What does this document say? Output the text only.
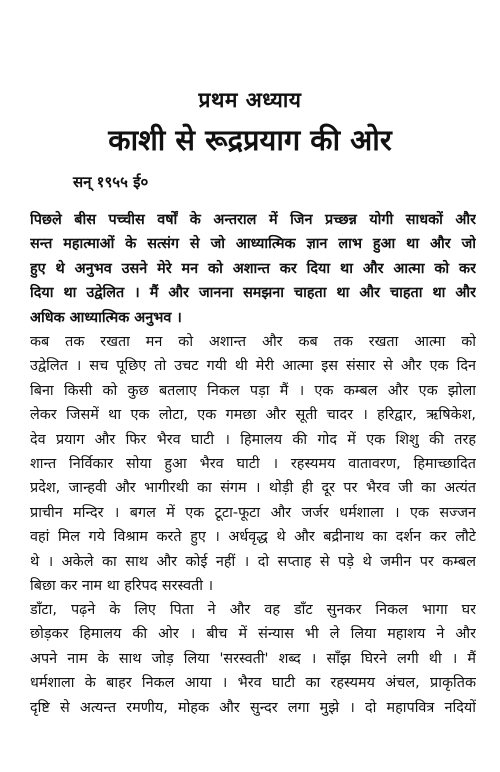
प्रथम अध्याय
काशी से रूद्रप्रयाग की ओर
सन् १९५५ ई०
पिछले बीस पच्चीस वर्षों के अन्तराल में जिन प्रच्छन्न योगी साधकों और
सन्त महात्माओं के सत्संग से जो आध्यात्मिक ज्ञान लाभ हुआ था और जो
हुए थे अनुभव उसने मेरे मन को अशान्त कर दिया था और आत्मा को कर
दिया था उद्वेलित । मैं और जानना समझना चाहता था और चाहता था और
अधिक आध्यात्मिक अनुभव ।
कब तक रखता मन को अशान्त और कब तक रखता आत्मा को
उद्वेलित । सच पूछिए तो उचट गयी थी मेरी आत्मा इस संसार से और एक दिन
बिना किसी को कुछ बतलाए निकल पड़ा मैं । एक कम्बल और एक झोला
लेकर जिसमें था एक लोटा, एक गमछा और सूती चादर । हरिद्वार, ऋषिकेश,
देव प्रयाग और फिर भैरव घाटी । हिमालय की गोद में एक शिशु की तरह
शान्त निर्विकार सोया हुआ भैरव घाटी । रहस्यमय वातावरण, हिमाच्छादित
प्रदेश, जान्हवी और भागीरथी का संगम । थोड़ी ही दूर पर भैरव जी का अत्यंत
प्राचीन मन्दिर । बगल में एक टूटा-फूटा और जर्जर धर्मशाला । एक सज्जन
वहां मिल गये विश्राम करते हुए । अर्धवृद्ध थे और बद्रीनाथ का दर्शन कर लौटे
थे । अकेले का साथ और कोई नहीं । दो सप्ताह से पड़े थे जमीन पर कम्बल
बिछा कर नाम था हरिपद सरस्वती ।
डाँटा, पढ़ने के लिए पिता ने और वह डाँट सुनकर निकल भागा घर
छोड़कर हिमालय की ओर । बीच में संन्यास भी ले लिया महाशय ने और
अपने नाम के साथ जोड़ लिया 'सरस्वती' शब्द । साँझ घिरने लगी थी । मैं
धर्मशाला के बाहर निकल आया । भैरव घाटी का रहस्यमय अंचल, प्राकृतिक
दृष्टि से अत्यन्त रमणीय, मोहक और सुन्दर लगा मुझे । दो महापवित्र नदियों
